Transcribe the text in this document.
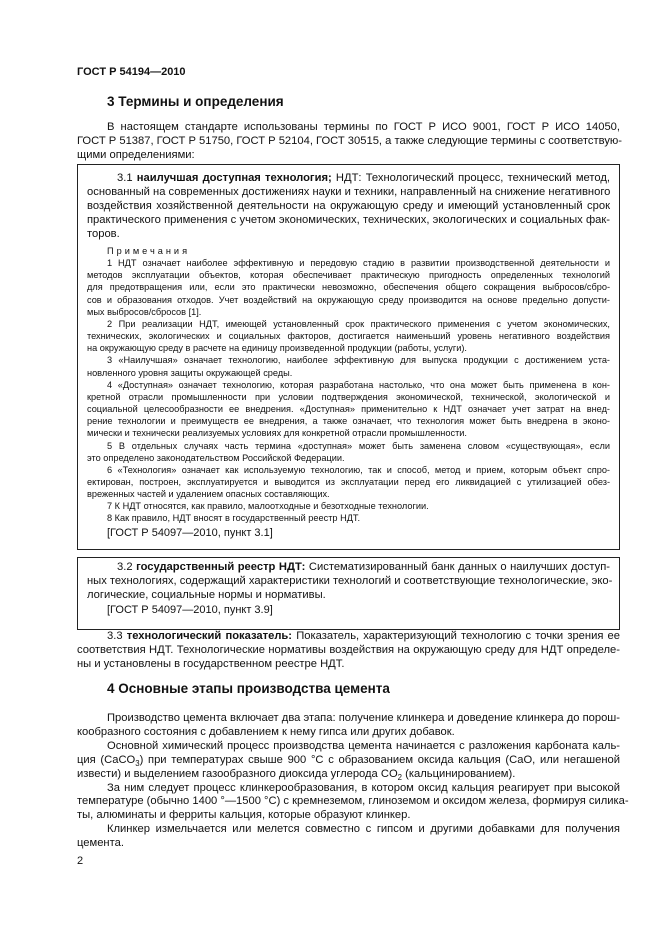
ГОСТ Р 54194—2010
3 Термины и определения
В настоящем стандарте использованы термины по ГОСТ Р ИСО 9001, ГОСТ Р ИСО 14050,
ГОСТ Р 51387, ГОСТ Р 51750, ГОСТ Р 52104, ГОСТ 30515, а также следующие термины с соответствую-
щими определениями:
3.1 наилучшая доступная технология; НДТ: Технологический процесс, технический метод,
основанный на современных достижениях науки и техники, направленный на снижение негативного
воздействия хозяйственной деятельности на окружающую среду и имеющий установленный срок
практического применения с учетом экономических, технических, экологических и социальных фак-
торов.
Примечания
1 НДТ означает наиболее эффективную и передовую стадию в развитии производственной деятельности и
методов эксплуатации объектов, которая обеспечивает практическую пригодность определенных технологий
для предотвращения или, если это практически невозможно, обеспечения общего сокращения выбросов/сбро-
сов и образования отходов. Учет воздействий на окружающую среду производится на основе предельно допусти-
мых выбросов/сбросов [1].
2 При реализации НДТ, имеющей установленный срок практического применения с учетом экономических,
технических, экологических и социальных факторов, достигается наименьший уровень негативного воздействия
на окружающую среду в расчете на единицу произведенной продукции (работы, услуги).
3 «Наилучшая» означает технологию, наиболее эффективную для выпуска продукции с достижением уста-
новленного уровня защиты окружающей среды.
4 «Доступная» означает технологию, которая разработана настолько, что она может быть применена в кон-
кретной отрасли промышленности при условии подтверждения экономической, технической, экологической и
социальной целесообразности ее внедрения. «Доступная» применительно к НДТ означает учет затрат на внед-
рение технологии и преимуществ ее внедрения, а также означает, что технология может быть внедрена в эконо-
мически и технически реализуемых условиях для конкретной отрасли промышленности.
5 В отдельных случаях часть термина «доступная» может быть заменена словом «существующая», если
это определено законодательством Российской Федерации.
6 «Технология» означает как используемую технологию, так и способ, метод и прием, которым объект спро-
ектирован, построен, эксплуатируется и выводится из эксплуатации перед его ликвидацией с утилизацией обез-
вреженных частей и удалением опасных составляющих.
7 К НДТ относятся, как правило, малоотходные и безотходные технологии.
8 Как правило, НДТ вносят в государственный реестр НДТ.
[ГОСТ Р 54097—2010, пункт 3.1]
3.2 государственный реестр НДТ: Систематизированный банк данных о наилучших доступ-
ных технологиях, содержащий характеристики технологий и соответствующие технологические, эко-
логические, социальные нормы и нормативы.
[ГОСТ Р 54097—2010, пункт 3.9]
3.3 технологический показатель: Показатель, характеризующий технологию с точки зрения ее
соответствия НДТ. Технологические нормативы воздействия на окружающую среду для НДТ определе-
ны и установлены в государственном реестре НДТ.
4 Основные этапы производства цемента
Производство цемента включает два этапа: получение клинкера и доведение клинкера до порош-
кообразного состояния с добавлением к нему гипса или других добавок.
Основной химический процесс производства цемента начинается с разложения карбоната каль-
ция (CaCO$_3$) при температурах свыше 900 °C с образованием оксида кальция (CaO, или негашеной
извести) и выделением газообразного диоксида углерода $CO_2$ (кальцинированием).
За ним следует процесс клинкерообразования, в котором оксид кальция реагирует при высокой
температуре (обычно 1400 °—1500 °C) с кремнеземом, глиноземом и оксидом железа, формируя силика-
ты, алюминаты и ферриты кальция, которые образуют клинкер.
Клинкер измельчается или мелется совместно с гипсом и другими добавками для получения
цемента.
2
